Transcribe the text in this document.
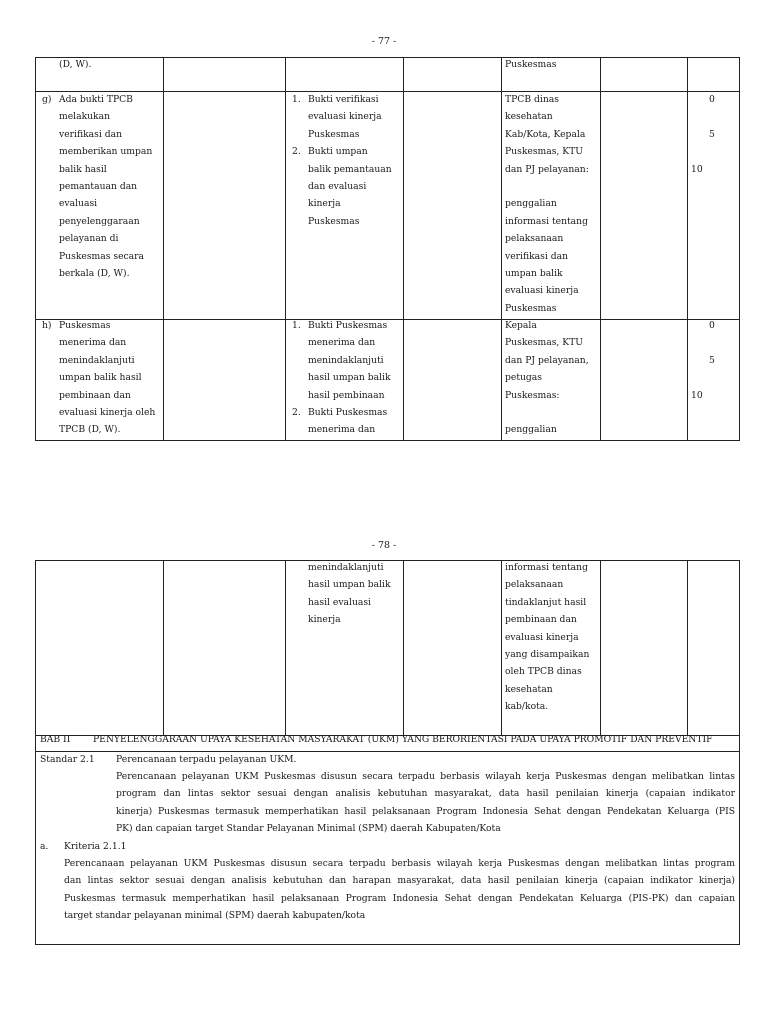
- 77 -
(D, W).	Puskesmas
g) Ada bukti TPCB
melakukan
verifikasi dan
memberikan umpan
balik hasil
pemantauan dan
evaluasi
penyelenggaraan
pelayanan di
Puskesmas secara
berkala (D, W).
1. Bukti verifikasi
evaluasi kinerja
Puskesmas
2. Bukti umpan
balik pemantauan
dan evaluasi
kinerja
Puskesmas
TPCB dinas
kesehatan
Kab/Kota, Kepala
Puskesmas, KTU
dan PJ pelayanan:

penggalian
informasi tentang
pelaksanaan
verifikasi dan
umpan balik
evaluasi kinerja
Puskesmas
0
5
10
h) Puskesmas
menerima dan
menindaklanjuti
umpan balik hasil
pembinaan dan
evaluasi kinerja oleh
TPCB (D, W).
1. Bukti Puskesmas
menerima dan
menindaklanjuti
hasil umpan balik
hasil pembinaan
2. Bukti Puskesmas
menerima dan
Kepala
Puskesmas, KTU
dan PJ pelayanan,
petugas
Puskesmas:

penggalian
0
5
10
- 78 -
menindaklanjuti
hasil umpan balik
hasil evaluasi
kinerja
informasi tentang
pelaksanaan
tindaklanjut hasil
pembinaan dan
evaluasi kinerja
yang disampaikan
oleh TPCB dinas
kesehatan
kab/kota.
BAB II PENYELENGGARAAN UPAYA KESEHATAN MASYARAKAT (UKM) YANG BERORIENTASI PADA UPAYA PROMOTIF DAN PREVENTIF
Standar 2.1 Perencanaan terpadu pelayanan UKM.
Perencanaan pelayanan UKM Puskesmas disusun secara terpadu berbasis wilayah kerja Puskesmas dengan melibatkan lintas
program dan lintas sektor sesuai dengan analisis kebutuhan masyarakat, data hasil penilaian kinerja (capaian indikator
kinerja) Puskesmas termasuk memperhatikan hasil pelaksanaan Program Indonesia Sehat dengan Pendekatan Keluarga (PIS
PK) dan capaian target Standar Pelayanan Minimal (SPM) daerah Kabupaten/Kota
a. Kriteria 2.1.1
Perencanaan pelayanan UKM Puskesmas disusun secara terpadu berbasis wilayah kerja Puskesmas dengan melibatkan lintas program
dan lintas sektor sesuai dengan analisis kebutuhan dan harapan masyarakat, data hasil penilaian kinerja (capaian indikator kinerja)
Puskesmas termasuk memperhatikan hasil pelaksanaan Program Indonesia Sehat dengan Pendekatan Keluarga (PIS-PK) dan capaian
target standar pelayanan minimal (SPM) daerah kabupaten/kota
